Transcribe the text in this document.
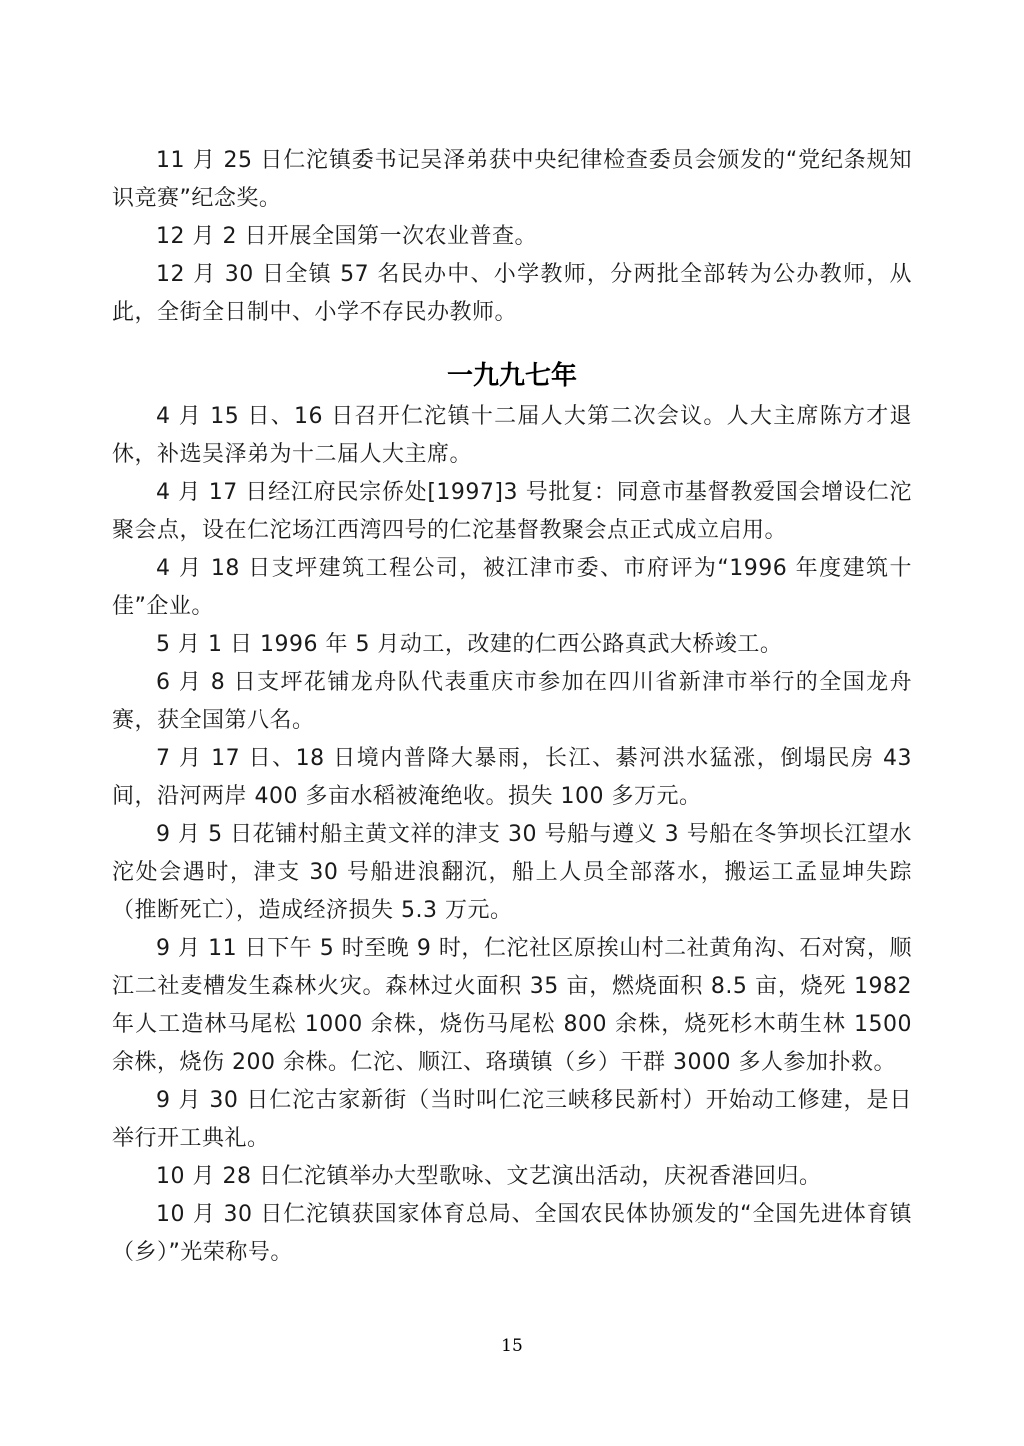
11 月 25 日仁沱镇委书记吴泽弟获中央纪律检查委员会颁发的“党纪条规知识竞赛”纪念奖。

12 月 2 日开展全国第一次农业普查。

12 月 30 日全镇 57 名民办中、小学教师，分两批全部转为公办教师，从此，全街全日制中、小学不存民办教师。

一九九七年

4 月 15 日、16 日召开仁沱镇十二届人大第二次会议。人大主席陈方才退休，补选吴泽弟为十二届人大主席。

4 月 17 日经江府民宗侨处[1997]3 号批复：同意市基督教爱国会增设仁沱聚会点，设在仁沱场江西湾四号的仁沱基督教聚会点正式成立启用。

4 月 18 日支坪建筑工程公司，被江津市委、市府评为“1996 年度建筑十佳”企业。

5 月 1 日 1996 年 5 月动工，改建的仁西公路真武大桥竣工。

6 月 8 日支坪花铺龙舟队代表重庆市参加在四川省新津市举行的全国龙舟赛，获全国第八名。

7 月 17 日、18 日境内普降大暴雨，长江、綦河洪水猛涨，倒塌民房 43 间，沿河两岸 400 多亩水稻被淹绝收。损失 100 多万元。

9 月 5 日花铺村船主黄文祥的津支 30 号船与遵义 3 号船在冬笋坝长江望水沱处会遇时，津支 30 号船进浪翻沉，船上人员全部落水，搬运工孟显坤失踪（推断死亡），造成经济损失 5.3 万元。

9 月 11 日下午 5 时至晚 9 时，仁沱社区原挨山村二社黄角沟、石对窝，顺江二社麦槽发生森林火灾。森林过火面积 35 亩，燃烧面积 8.5 亩，烧死 1982 年人工造林马尾松 1000 余株，烧伤马尾松 800 余株，烧死杉木萌生林 1500 余株，烧伤 200 余株。仁沱、顺江、珞璜镇（乡）干群 3000 多人参加扑救。

9 月 30 日仁沱古家新街（当时叫仁沱三峡移民新村）开始动工修建，是日举行开工典礼。

10 月 28 日仁沱镇举办大型歌咏、文艺演出活动，庆祝香港回归。

10 月 30 日仁沱镇获国家体育总局、全国农民体协颁发的“全国先进体育镇（乡）”光荣称号。

15
